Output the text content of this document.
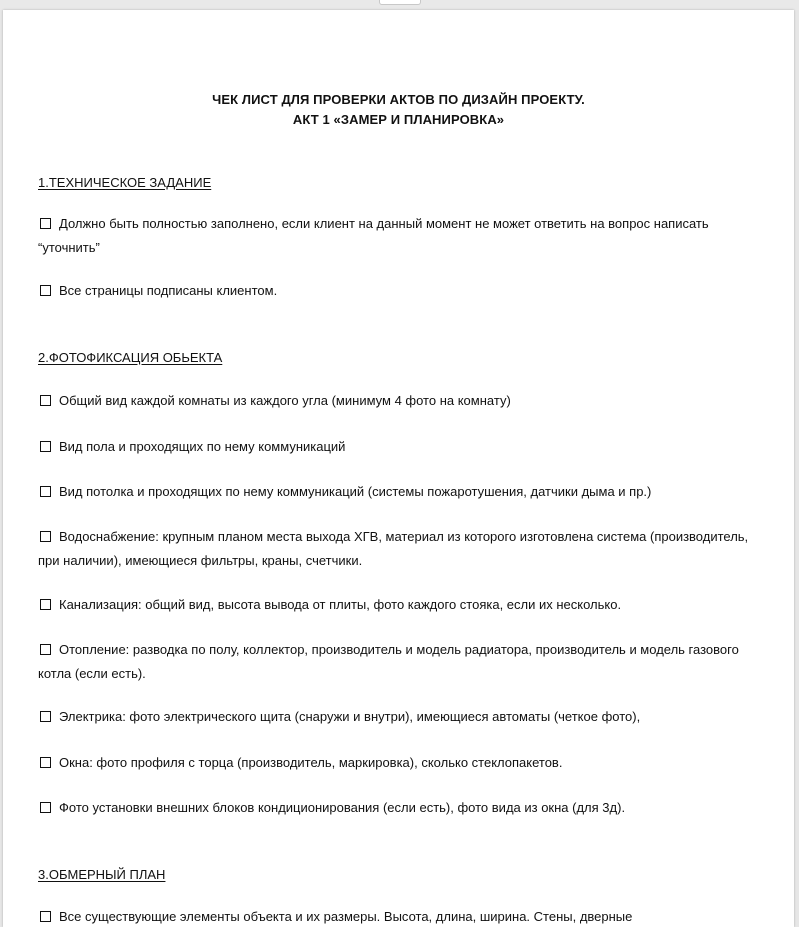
ЧЕК ЛИСТ ДЛЯ ПРОВЕРКИ АКТОВ ПО ДИЗАЙН ПРОЕКТУ.
АКТ 1 «ЗАМЕР И ПЛАНИРОВКА»
1.ТЕХНИЧЕСКОЕ ЗАДАНИЕ
Должно быть полностью заполнено, если клиент на данный момент не может ответить на вопрос написать “уточнить”
Все страницы подписаны клиентом.
2.ФОТОФИКСАЦИЯ ОБЬЕКТА
Общий вид каждой комнаты из каждого угла (минимум 4 фото на комнату)
Вид пола и проходящих по нему коммуникаций
Вид потолка и проходящих по нему коммуникаций (системы пожаротушения, датчики дыма и пр.)
Водоснабжение: крупным планом места выхода ХГВ, материал из которого изготовлена система (производитель, при наличии), имеющиеся фильтры, краны, счетчики.
Канализация: общий вид, высота вывода от плиты, фото каждого стояка, если их несколько.
Отопление: разводка по полу, коллектор, производитель и модель радиатора, производитель и модель газового котла (если есть).
Электрика: фото электрического щита (снаружи и внутри), имеющиеся автоматы (четкое фото),
Окна: фото профиля с торца (производитель, маркировка), сколько стеклопакетов.
Фото установки внешних блоков кондиционирования (если есть), фото вида из окна (для 3д).
3.ОБМЕРНЫЙ ПЛАН
Все существующие элементы объекта и их размеры. Высота, длина, ширина. Стены, дверные
